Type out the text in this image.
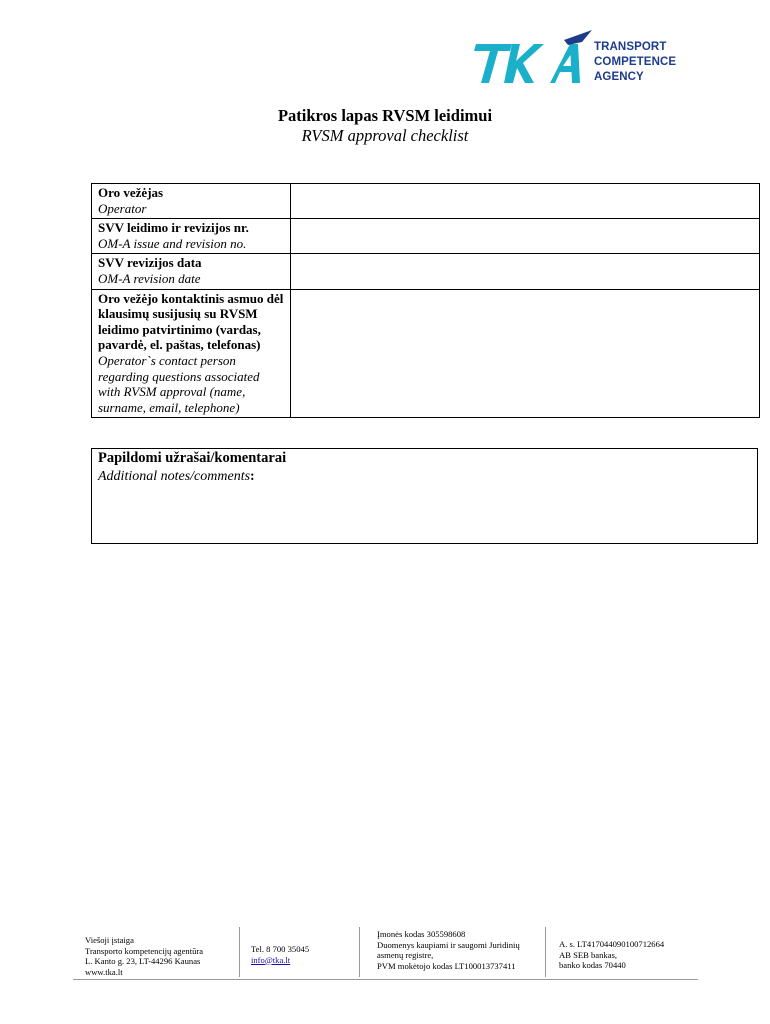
TRANSPORT
COMPETENCE
AGENCY
Patikros lapas RVSM leidimui
RVSM approval checklist
Oro vežėjas
Operator	

SVV leidimo ir revizijos nr.
OM-A issue and revision no.	

SVV revizijos data
OM-A revision date	

Oro vežėjo kontaktinis asmuo dėl klausimų susijusių su RVSM leidimo patvirtinimo (vardas, pavardė, el. paštas, telefonas)
Operator`s contact person regarding questions associated with RVSM approval (name, surname, email, telephone)	

Papildomi užrašai/komentarai
Additional notes/comments:
Viešoji įstaiga
Transporto kompetencijų agentūra
L. Kanto g. 23, LT-44296 Kaunas
www.tka.lt
Tel. 8 700 35045
info@tka.lt
Įmonės kodas 305598608
Duomenys kaupiami ir saugomi Juridinių
asmenų registre,
PVM mokėtojo kodas LT100013737411
A. s. LT417044090100712664
AB SEB bankas,
banko kodas 70440
